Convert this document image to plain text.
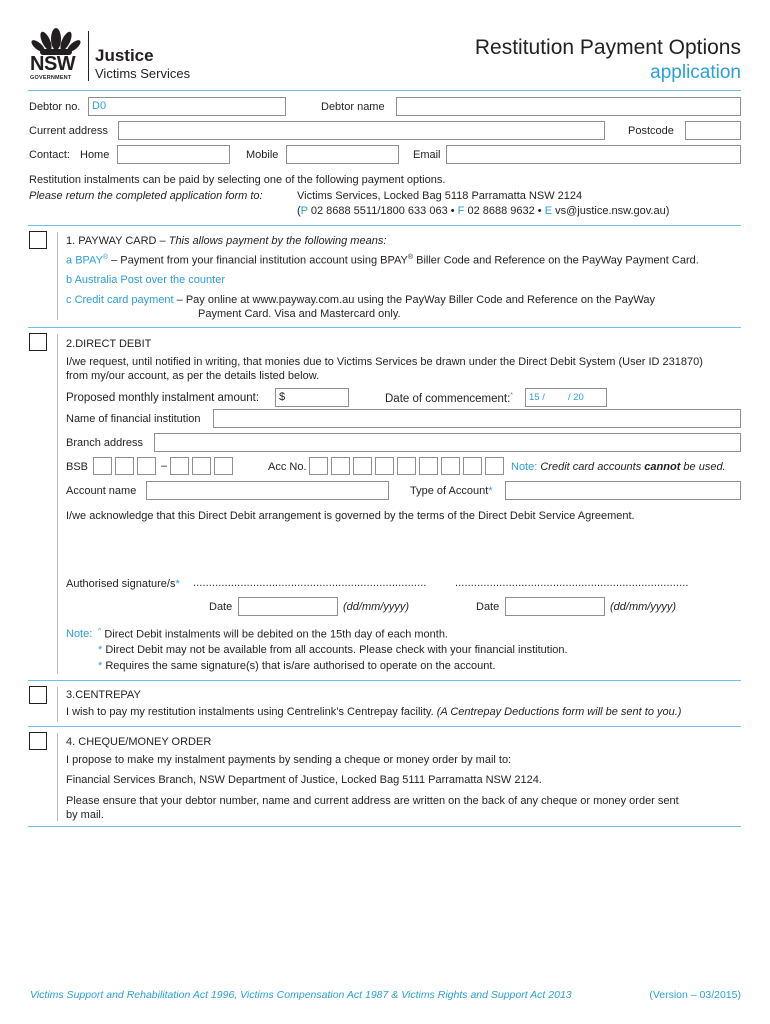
NSW
GOVERNMENT
Justice
Victims Services
Restitution Payment Options
application
Debtor no. D0	Debtor name
Current address	Postcode
Contact: Home	Mobile	Email
Restitution instalments can be paid by selecting one of the following payment options.
Please return the completed application form to:	Victims Services, Locked Bag 5118 Parramatta NSW 2124
(P 02 8688 5511/1800 633 063 • F 02 8688 9632 • E vs@justice.nsw.gov.au)
1. PAYWAY CARD – This allows payment by the following means:
a BPAY® – Payment from your financial institution account using BPAY® Biller Code and Reference on the PayWay Payment Card.
b Australia Post over the counter
c Credit card payment – Pay online at www.payway.com.au using the PayWay Biller Code and Reference on the PayWay
Payment Card. Visa and Mastercard only.
2.DIRECT DEBIT
I/we request, until notified in writing, that monies due to Victims Services be drawn under the Direct Debit System (User ID 231870)
from my/our account, as per the details listed below.
Proposed monthly instalment amount: $	Date of commencement:* 15 / / 20
Name of financial institution
Branch address
BSB	–	Acc No.	Note: Credit card accounts cannot be used.
Account name	Type of Account*
I/we acknowledge that this Direct Debit arrangement is governed by the terms of the Direct Debit Service Agreement.
Authorised signature/s* ..........................................................................	..........................................................................
Date	(dd/mm/yyyy)	Date	(dd/mm/yyyy)
Note: ^ Direct Debit instalments will be debited on the 15th day of each month.
* Direct Debit may not be available from all accounts. Please check with your financial institution.
* Requires the same signature(s) that is/are authorised to operate on the account.
3.CENTREPAY
I wish to pay my restitution instalments using Centrelink’s Centrepay facility. (A Centrepay Deductions form will be sent to you.)
4. CHEQUE/MONEY ORDER
I propose to make my instalment payments by sending a cheque or money order by mail to:
Financial Services Branch, NSW Department of Justice, Locked Bag 5111 Parramatta NSW 2124.
Please ensure that your debtor number, name and current address are written on the back of any cheque or money order sent
by mail.
Victims Support and Rehabilitation Act 1996, Victims Compensation Act 1987 & Victims Rights and Support Act 2013	(Version – 03/2015)
